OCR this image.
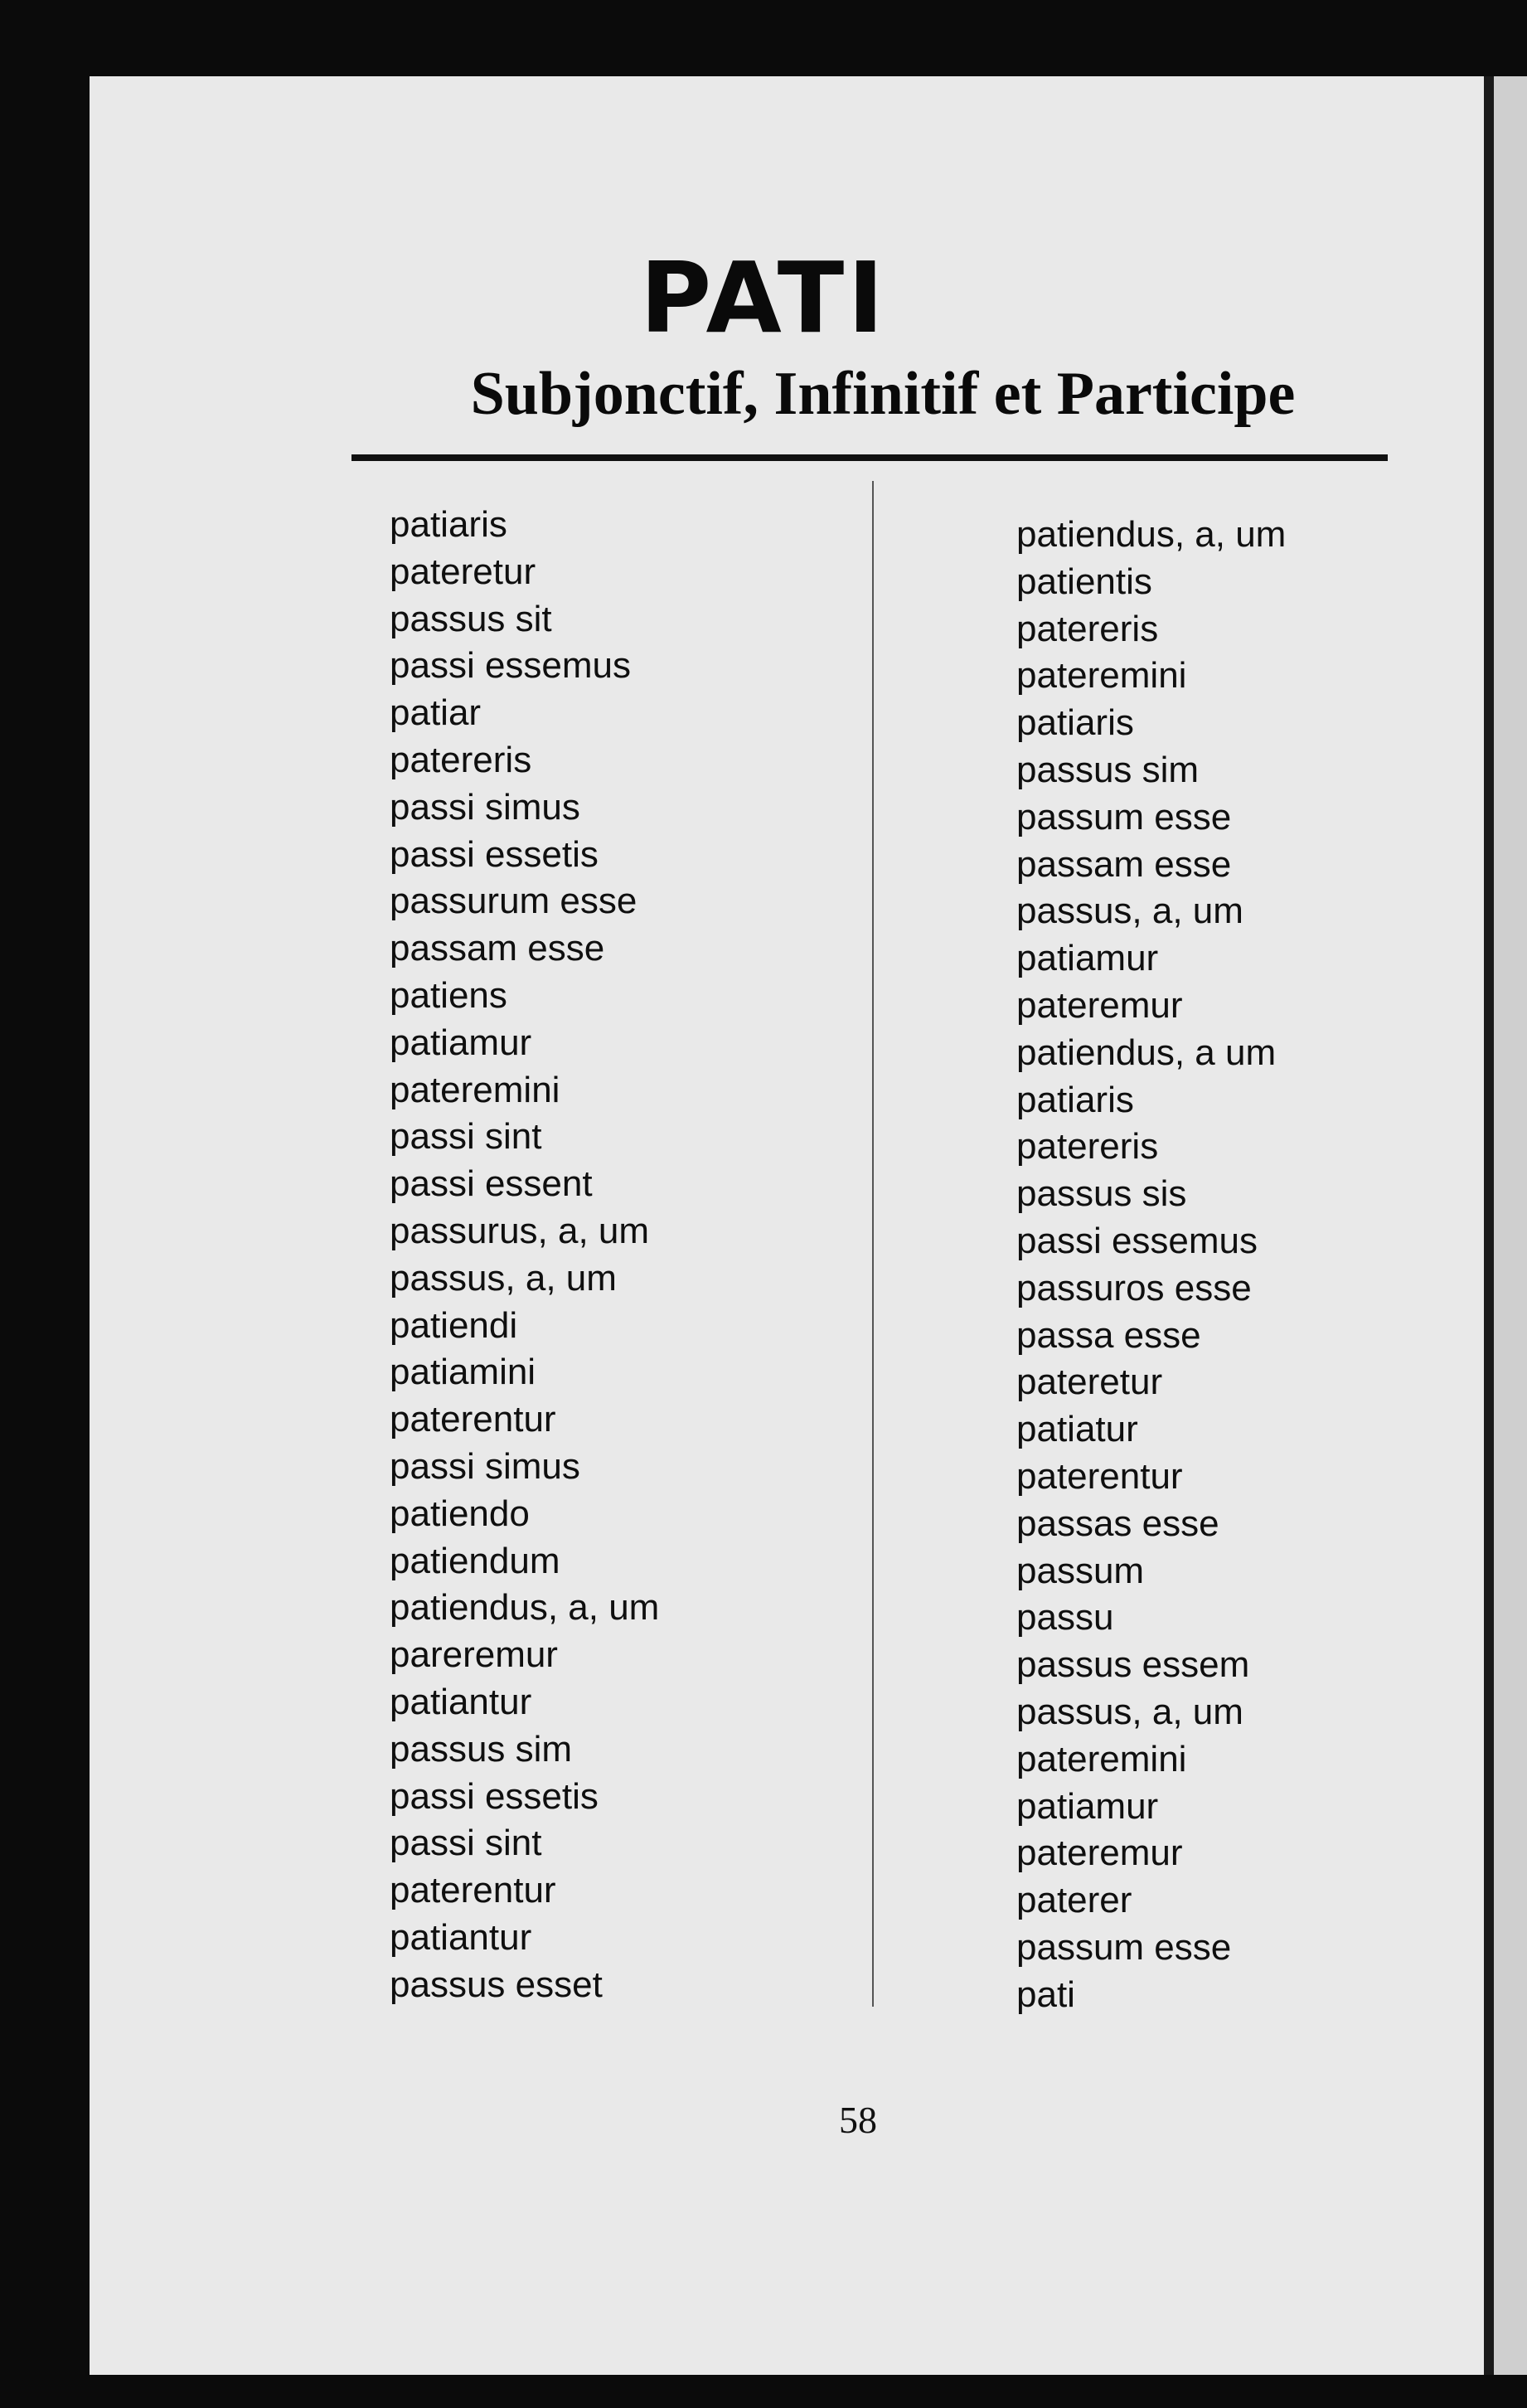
PATI
Subjonctif, Infinitif et Participe
patiaris
pateretur
passus sit
passi essemus
patiar
patereris
passi simus
passi essetis
passurum esse
passam esse
patiens
patiamur
pateremini
passi sint
passi essent
passurus, a, um
passus, a, um
patiendi
patiamini
paterentur
passi simus
patiendo
patiendum
patiendus, a, um
pareremur
patiantur
passus sim
passi essetis
passi sint
paterentur
patiantur
passus esset
patiendus, a, um
patientis
patereris
pateremini
patiaris
passus sim
passum esse
passam esse
passus, a, um
patiamur
pateremur
patiendus, a um
patiaris
patereris
passus sis
passi essemus
passuros esse
passa esse
pateretur
patiatur
paterentur
passas esse
passum
passu
passus essem
passus, a, um
pateremini
patiamur
pateremur
paterer
passum esse
pati
58
